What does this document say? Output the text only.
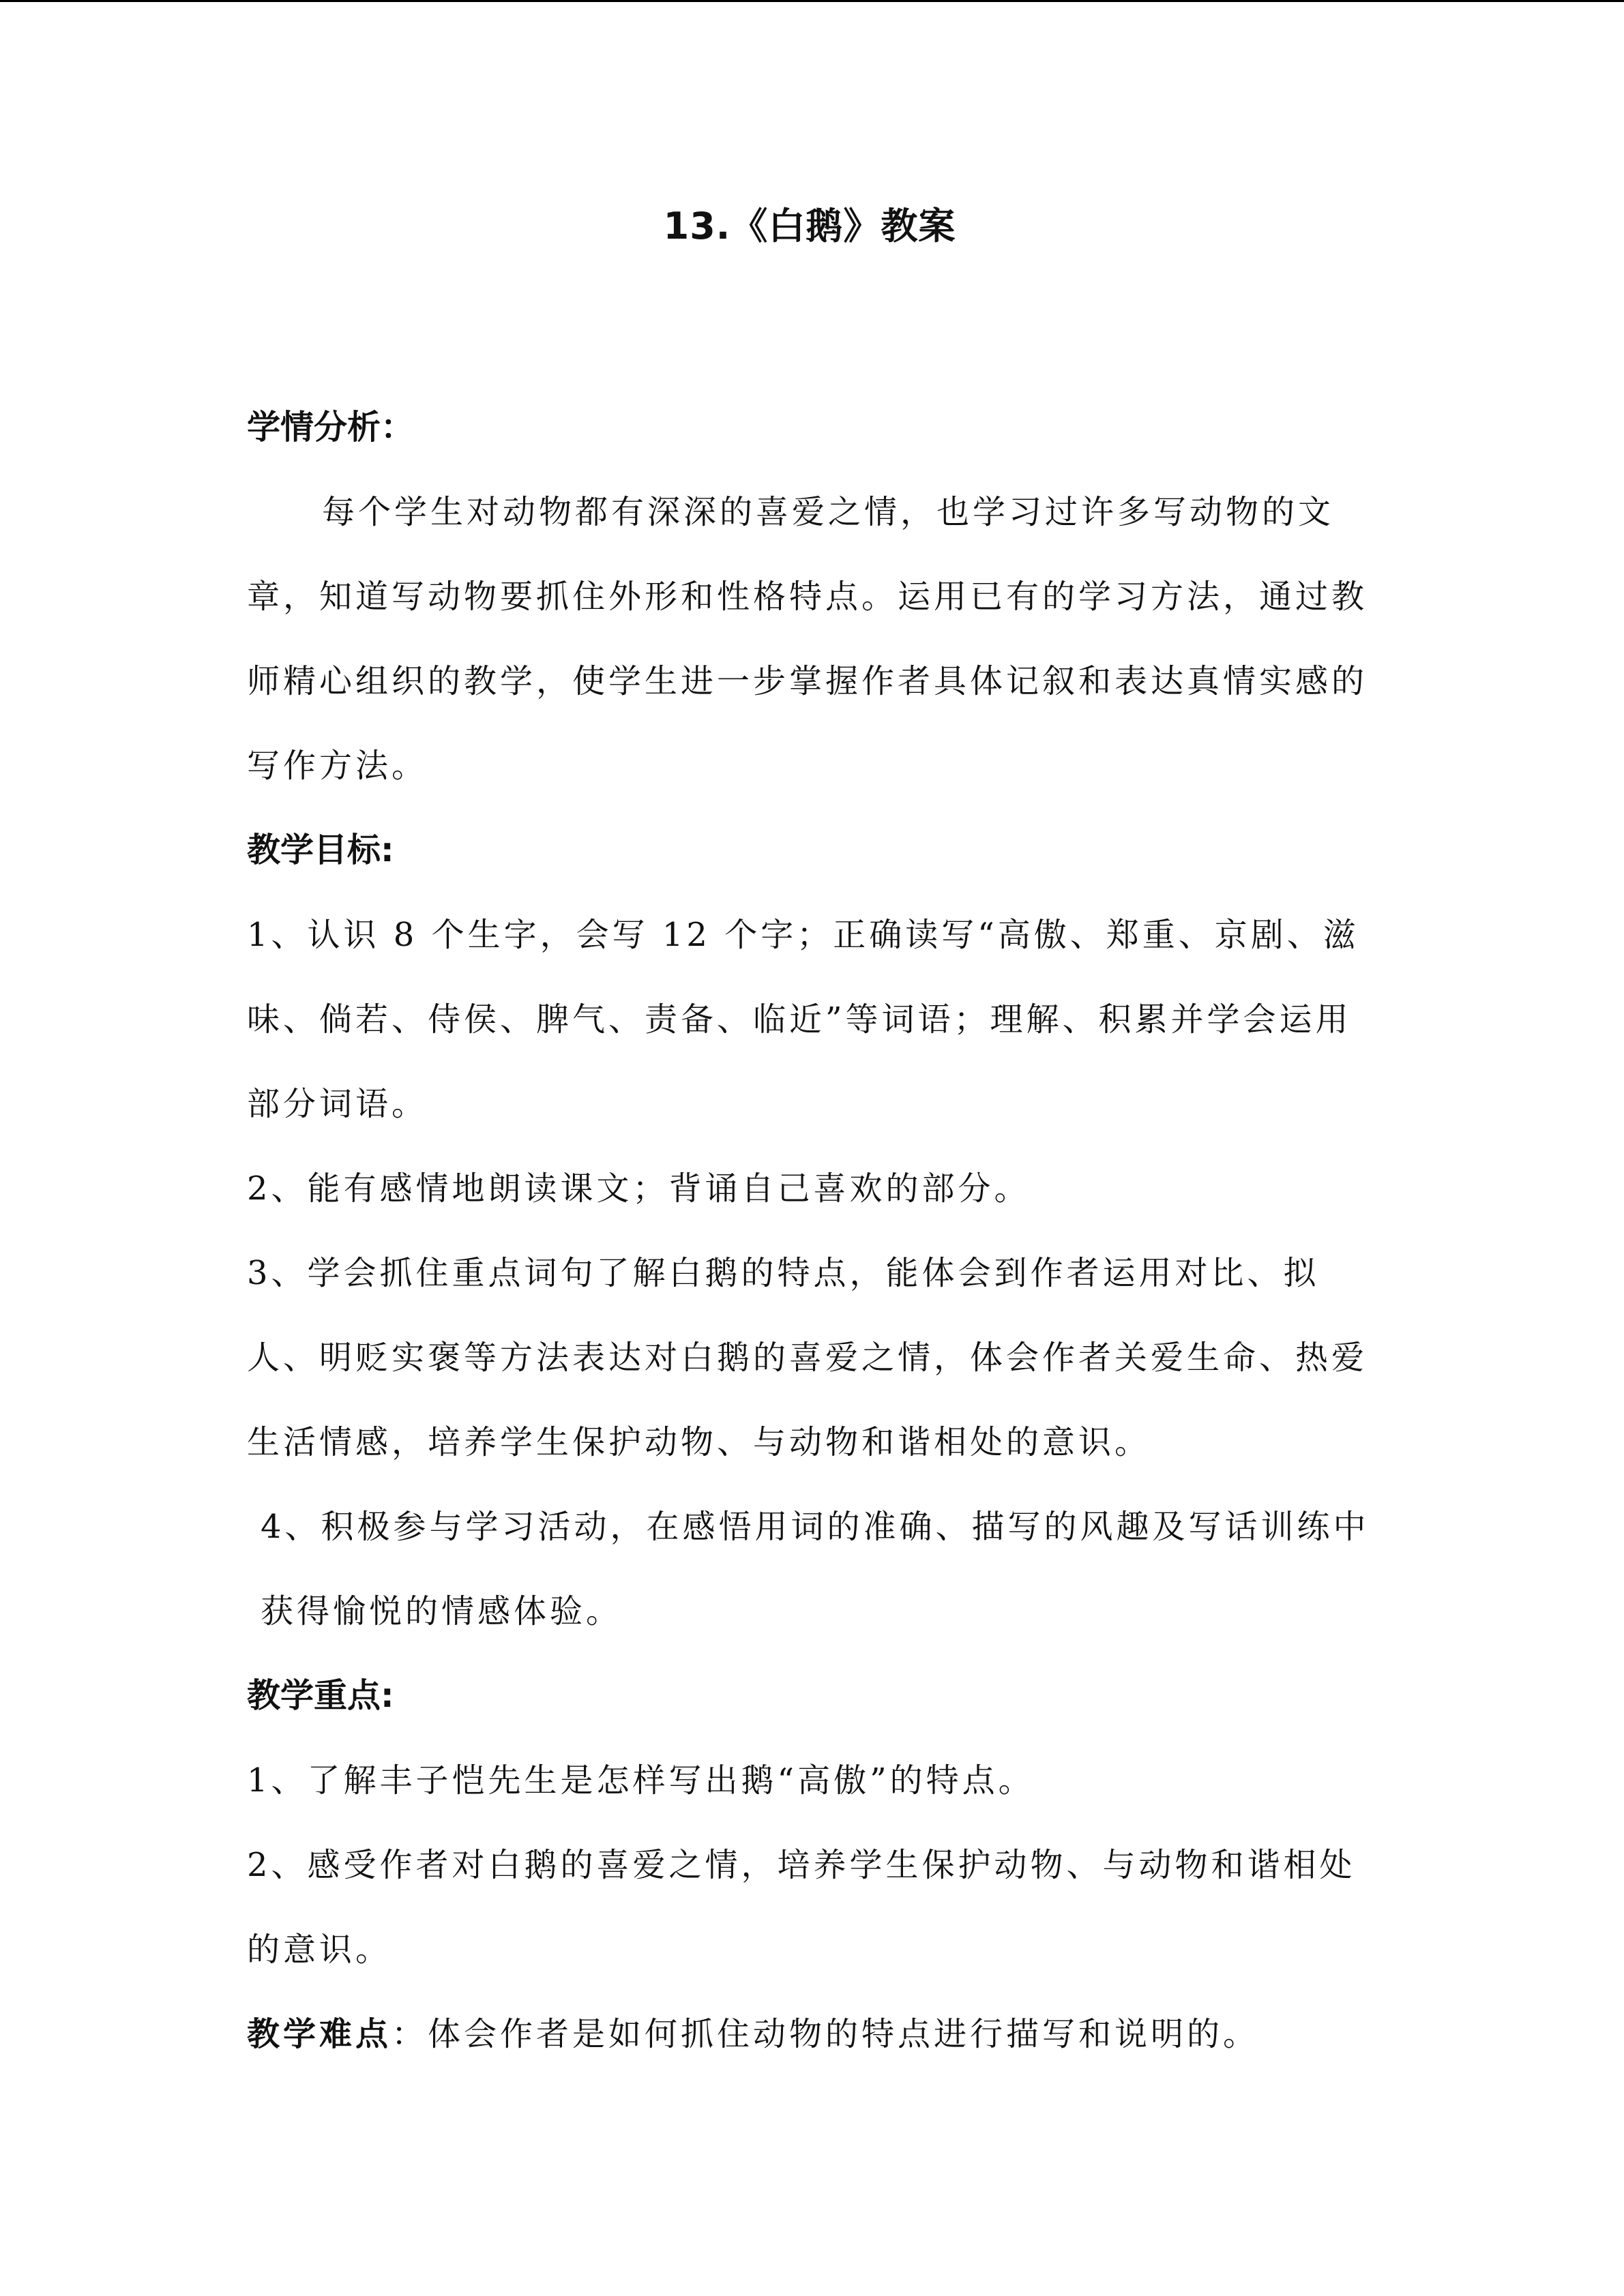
13.《白鹅》教案
学情分析：

每个学生对动物都有深深的喜爱之情，也学习过许多写动物的文章，知道写动物要抓住外形和性格特点。运用已有的学习方法，通过教师精心组织的教学，使学生进一步掌握作者具体记叙和表达真情实感的写作方法。

教学目标:

1、认识 8 个生字，会写 12 个字；正确读写“高傲、郑重、京剧、滋味、倘若、侍侯、脾气、责备、临近”等词语；理解、积累并学会运用部分词语。

2、能有感情地朗读课文；背诵自己喜欢的部分。

3、学会抓住重点词句了解白鹅的特点，能体会到作者运用对比、拟人、明贬实褒等方法表达对白鹅的喜爱之情，体会作者关爱生命、热爱生活情感，培养学生保护动物、与动物和谐相处的意识。

4、积极参与学习活动，在感悟用词的准确、描写的风趣及写话训练中获得愉悦的情感体验。

教学重点:

1、了解丰子恺先生是怎样写出鹅“高傲”的特点。

2、感受作者对白鹅的喜爱之情，培养学生保护动物、与动物和谐相处的意识。

教学难点：体会作者是如何抓住动物的特点进行描写和说明的。
